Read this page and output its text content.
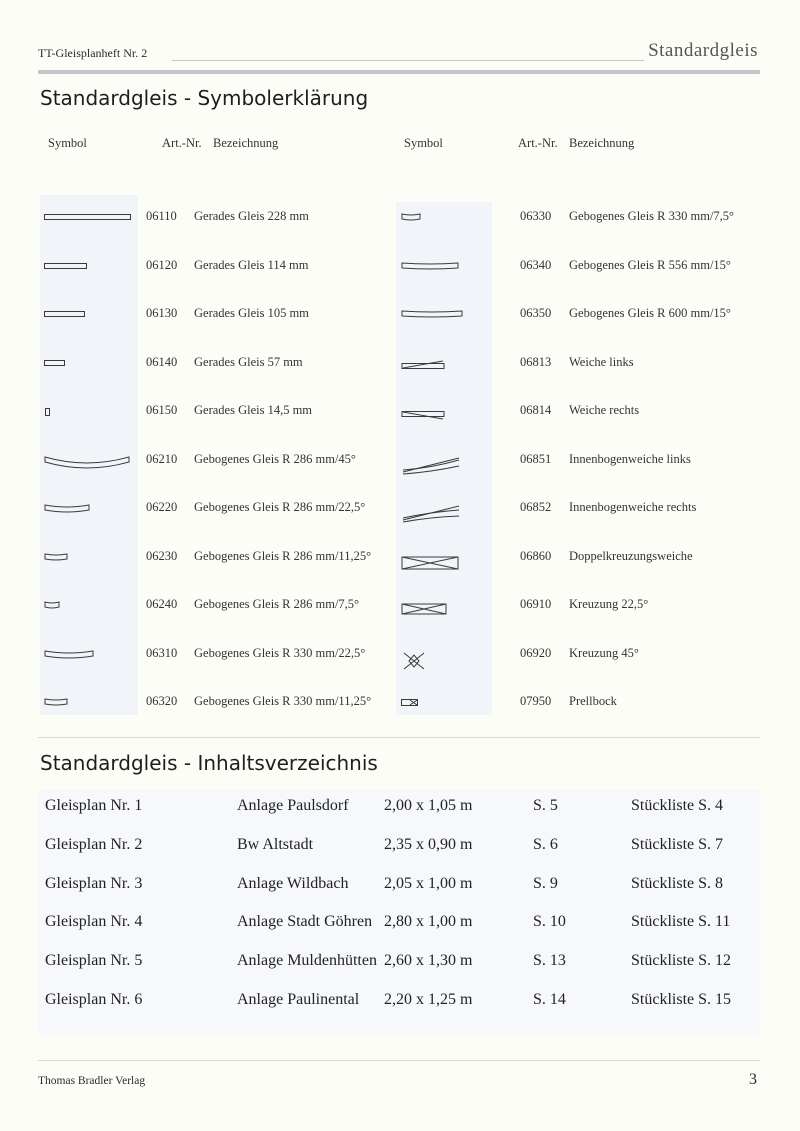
TT-Gleisplanheft Nr. 2	Standardgleis
Standardgleis - Symbolerklärung
Symbol	Art.-Nr. Bezeichnung	Symbol	Art.-Nr. Bezeichnung
06110 Gerades Gleis 228 mm
06120 Gerades Gleis 114 mm
06130 Gerades Gleis 105 mm
06140 Gerades Gleis 57 mm
06150 Gerades Gleis 14,5 mm
06210 Gebogenes Gleis R 286 mm/45°
06220 Gebogenes Gleis R 286 mm/22,5°
06230 Gebogenes Gleis R 286 mm/11,25°
06240 Gebogenes Gleis R 286 mm/7,5°
06310 Gebogenes Gleis R 330 mm/22,5°
06320 Gebogenes Gleis R 330 mm/11,25°
06330 Gebogenes Gleis R 330 mm/7,5°
06340 Gebogenes Gleis R 556 mm/15°
06350 Gebogenes Gleis R 600 mm/15°
06813 Weiche links
06814 Weiche rechts
06851 Innenbogenweiche links
06852 Innenbogenweiche rechts
06860 Doppelkreuzungsweiche
06910 Kreuzung 22,5°
06920 Kreuzung 45°
07950 Prellbock
Standardgleis - Inhaltsverzeichnis
Gleisplan Nr. 1	Anlage Paulsdorf 2,00 x 1,05 m	S. 5	Stückliste S. 4
Gleisplan Nr. 2	Bw Altstadt	2,35 x 0,90 m	S. 6	Stückliste S. 7
Gleisplan Nr. 3	Anlage Wildbach 2,05 x 1,00 m	S. 9	Stückliste S. 8
Gleisplan Nr. 4	Anlage Stadt Göhren 2,80 x 1,00 m	S. 10	Stückliste S. 11
Gleisplan Nr. 5	Anlage Muldenhütten 2,60 x 1,30 m	S. 13	Stückliste S. 12
Gleisplan Nr. 6	Anlage Paulinental 2,20 x 1,25 m	S. 14	Stückliste S. 15
Thomas Bradler Verlag	3
